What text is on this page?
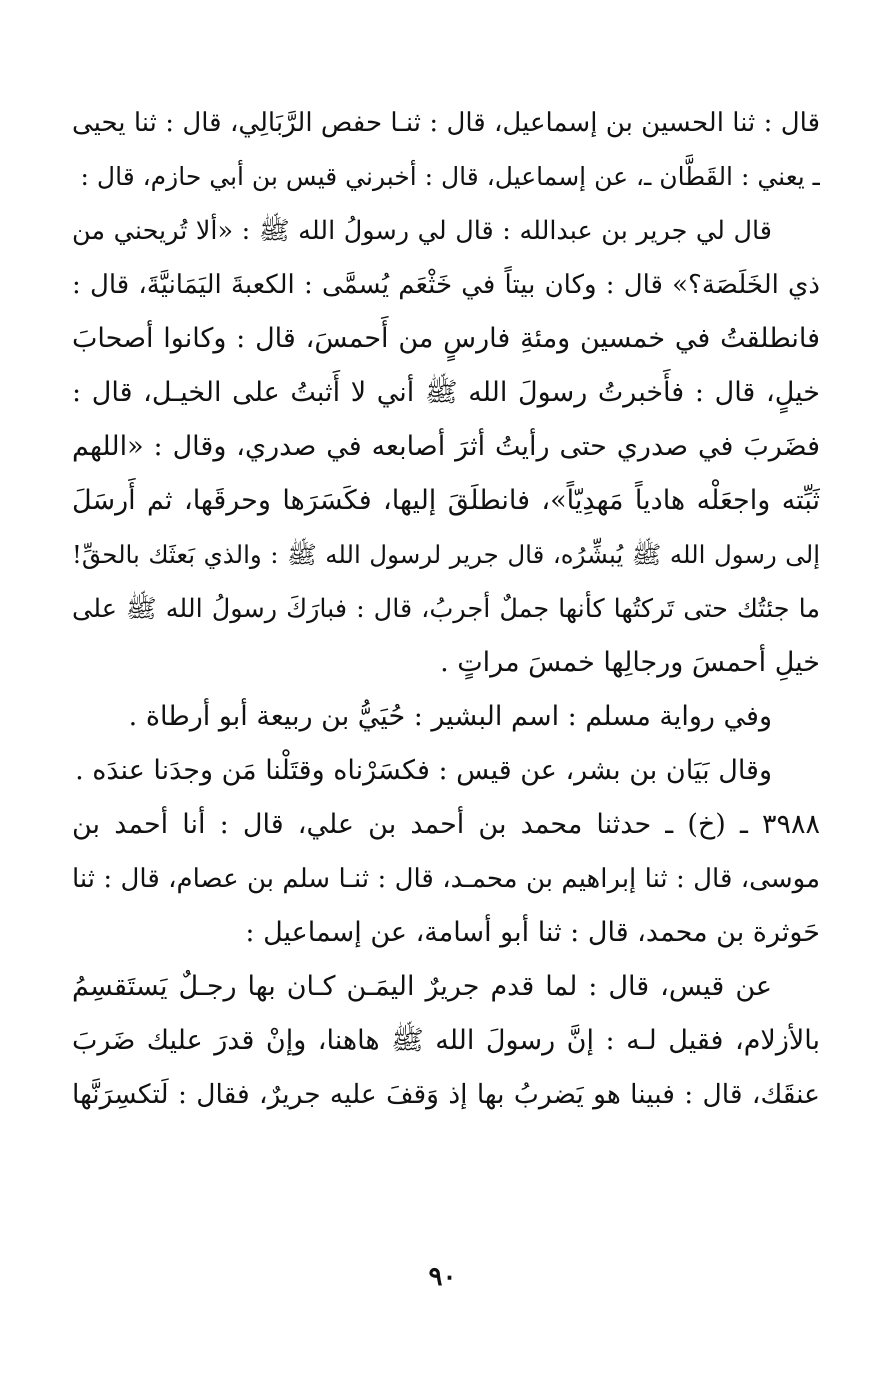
قال : ثنا الحسين بن إسماعيل، قال : ثنـا حفص الرَّبَالِي، قال : ثنا يحيى
ـ يعني : القَطَّان ـ، عن إسماعيل، قال : أخبرني قيس بن أبي حازم، قال :
قال لي جرير بن عبدالله : قال لي رسولُ الله ﷺ : «ألا تُريحني من
ذي الخَلَصَة؟» قال : وكان بيتاً في خَثْعَم يُسمَّى : الكعبةَ اليَمَانيَّةَ، قال :
فانطلقتُ في خمسين ومئةِ فارسٍ من أَحمسَ، قال : وكانوا أصحابَ
خيلٍ، قال : فأَخبرتُ رسولَ الله ﷺ أني لا أَثبتُ على الخيـل، قال :
فضَربَ في صدري حتى رأيتُ أثرَ أصابعه في صدري، وقال : «اللهم
ثَبِّته واجعَلْه هادياً مَهدِيّاً»، فانطلَقَ إليها، فكَسَرَها وحرقَها، ثم أَرسَلَ
إلى رسول الله ﷺ يُبشِّرُه، قال جرير لرسول الله ﷺ : والذي بَعثَك بالحقِّ!
ما جئتُك حتى تَركتُها كأنها جملٌ أجربُ، قال : فبارَكَ رسولُ الله ﷺ على
خيلِ أحمسَ ورجالِها خمسَ مراتٍ .
وفي رواية مسلم : اسم البشير : حُيَيُّ بن ربيعة أبو أرطاة .
وقال بَيَان بن بشر، عن قيس : فكسَرْناه وقتَلْنا مَن وجدَنا عندَه .
٣٩٨٨ ـ (خ) ـ حدثنا محمد بن أحمد بن علي، قال : أنا أحمد بن
موسى، قال : ثنا إبراهيم بن محمـد، قال : ثنـا سلم بن عصام، قال : ثنا
حَوثرة بن محمد، قال : ثنا أبو أسامة، عن إسماعيل :
عن قيس، قال : لما قدم جريرٌ اليمَـن كـان بها رجـلٌ يَستَقسِمُ
بالأزلام، فقيل لـه : إنَّ رسولَ الله ﷺ هاهنا، وإنْ قدرَ عليك ضَربَ
عنقَك، قال : فبينا هو يَضربُ بها إذ وَقفَ عليه جريرٌ، فقال : لَتكسِرَنَّها
٩٠
